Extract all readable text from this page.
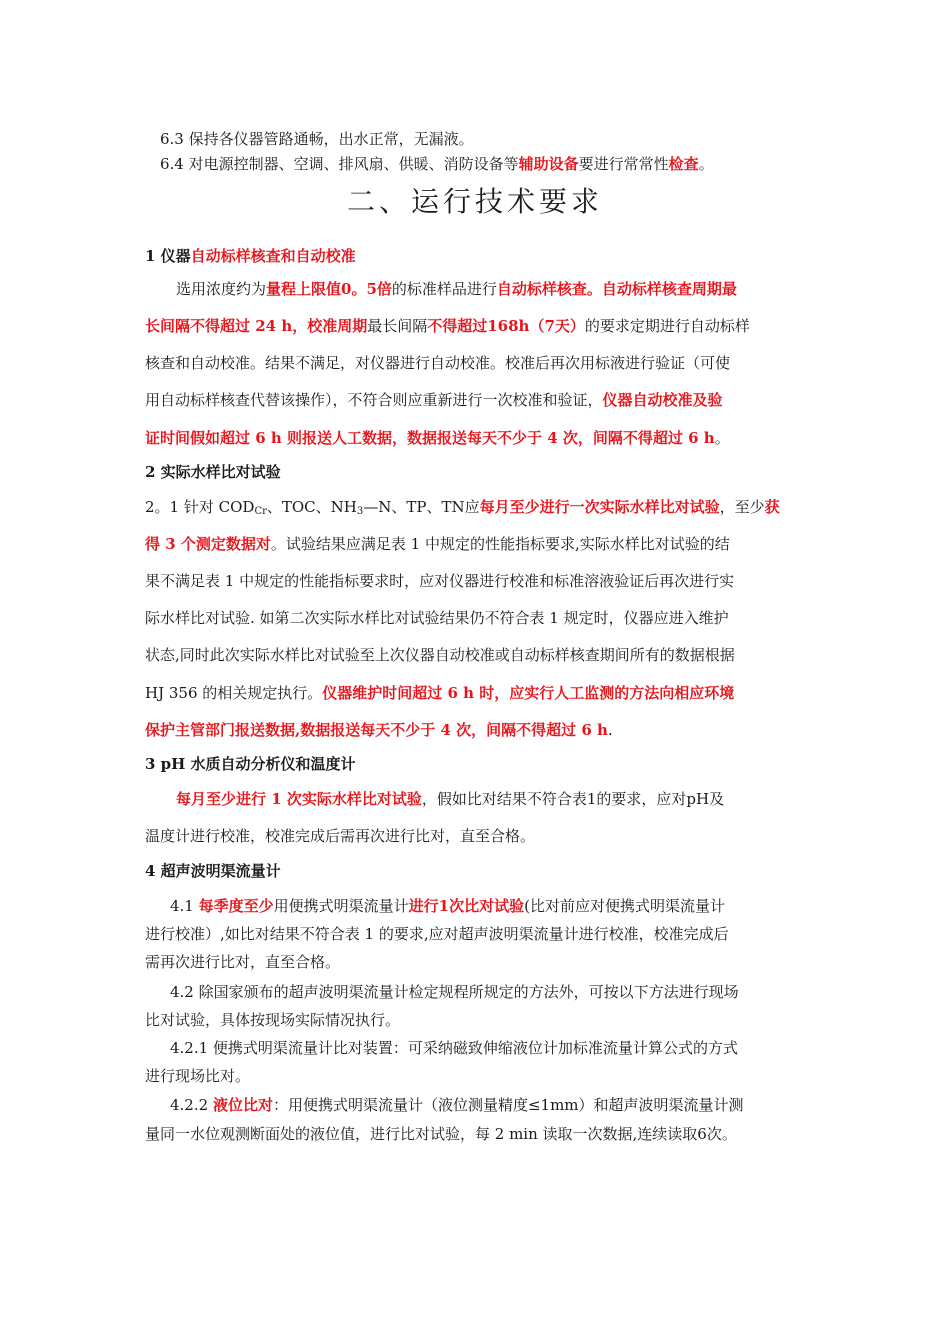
6.3 保持各仪器管路通畅，出水正常，无漏液。
6.4 对电源控制器、空调、排风扇、供暖、消防设备等辅助设备要进行常常性检查。
二、运行技术要求
1 仪器自动标样核查和自动校准
选用浓度约为量程上限值0。5倍的标准样品进行自动标样核查。自动标样核查周期最
长间隔不得超过 24 h，校准周期最长间隔不得超过168h（7天）的要求定期进行自动标样
核查和自动校准。结果不满足，对仪器进行自动校准。校准后再次用标液进行验证（可使
用自动标样核查代替该操作），不符合则应重新进行一次校准和验证，仪器自动校准及验
证时间假如超过 6 h 则报送人工数据，数据报送每天不少于 4 次，间隔不得超过 6 h。
2 实际水样比对试验
2。1 针对 $COD_{Cr}$、TOC、$NH_3—N$、TP、TN应每月至少进行一次实际水样比对试验，至少获
得 3 个测定数据对。试验结果应满足表 1 中规定的性能指标要求,实际水样比对试验的结
果不满足表 1 中规定的性能指标要求时，应对仪器进行校准和标准溶液验证后再次进行实
际水样比对试验. 如第二次实际水样比对试验结果仍不符合表 1 规定时，仪器应进入维护
状态,同时此次实际水样比对试验至上次仪器自动校准或自动标样核查期间所有的数据根据
HJ 356 的相关规定执行。仪器维护时间超过 6 h 时，应实行人工监测的方法向相应环境
保护主管部门报送数据,数据报送每天不少于 4 次，间隔不得超过 6 h.
3 pH 水质自动分析仪和温度计
每月至少进行 1 次实际水样比对试验，假如比对结果不符合表1的要求，应对pH及
温度计进行校准，校准完成后需再次进行比对，直至合格。
4 超声波明渠流量计
4.1 每季度至少用便携式明渠流量计进行1次比对试验(比对前应对便携式明渠流量计
进行校准）,如比对结果不符合表 1 的要求,应对超声波明渠流量计进行校准，校准完成后
需再次进行比对，直至合格。
4.2 除国家颁布的超声波明渠流量计检定规程所规定的方法外，可按以下方法进行现场
比对试验，具体按现场实际情况执行。
4.2.1 便携式明渠流量计比对装置：可采纳磁致伸缩液位计加标准流量计算公式的方式
进行现场比对。
4.2.2 液位比对：用便携式明渠流量计（液位测量精度≤1mm）和超声波明渠流量计测
量同一水位观测断面处的液位值，进行比对试验，每 2 min 读取一次数据,连续读取6次。
